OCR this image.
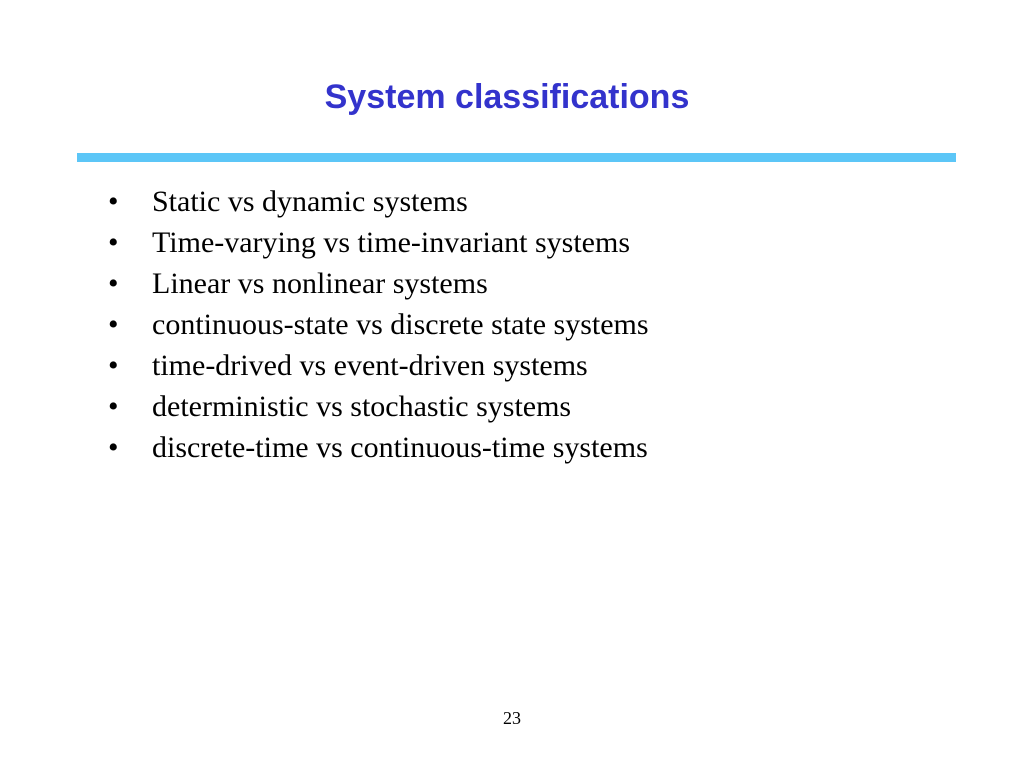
System classifications
• Static vs dynamic systems
• Time-varying vs time-invariant systems
• Linear vs nonlinear systems
• continuous-state vs discrete state systems
• time-drived vs event-driven systems
• deterministic vs stochastic systems
• discrete-time vs continuous-time systems
23
